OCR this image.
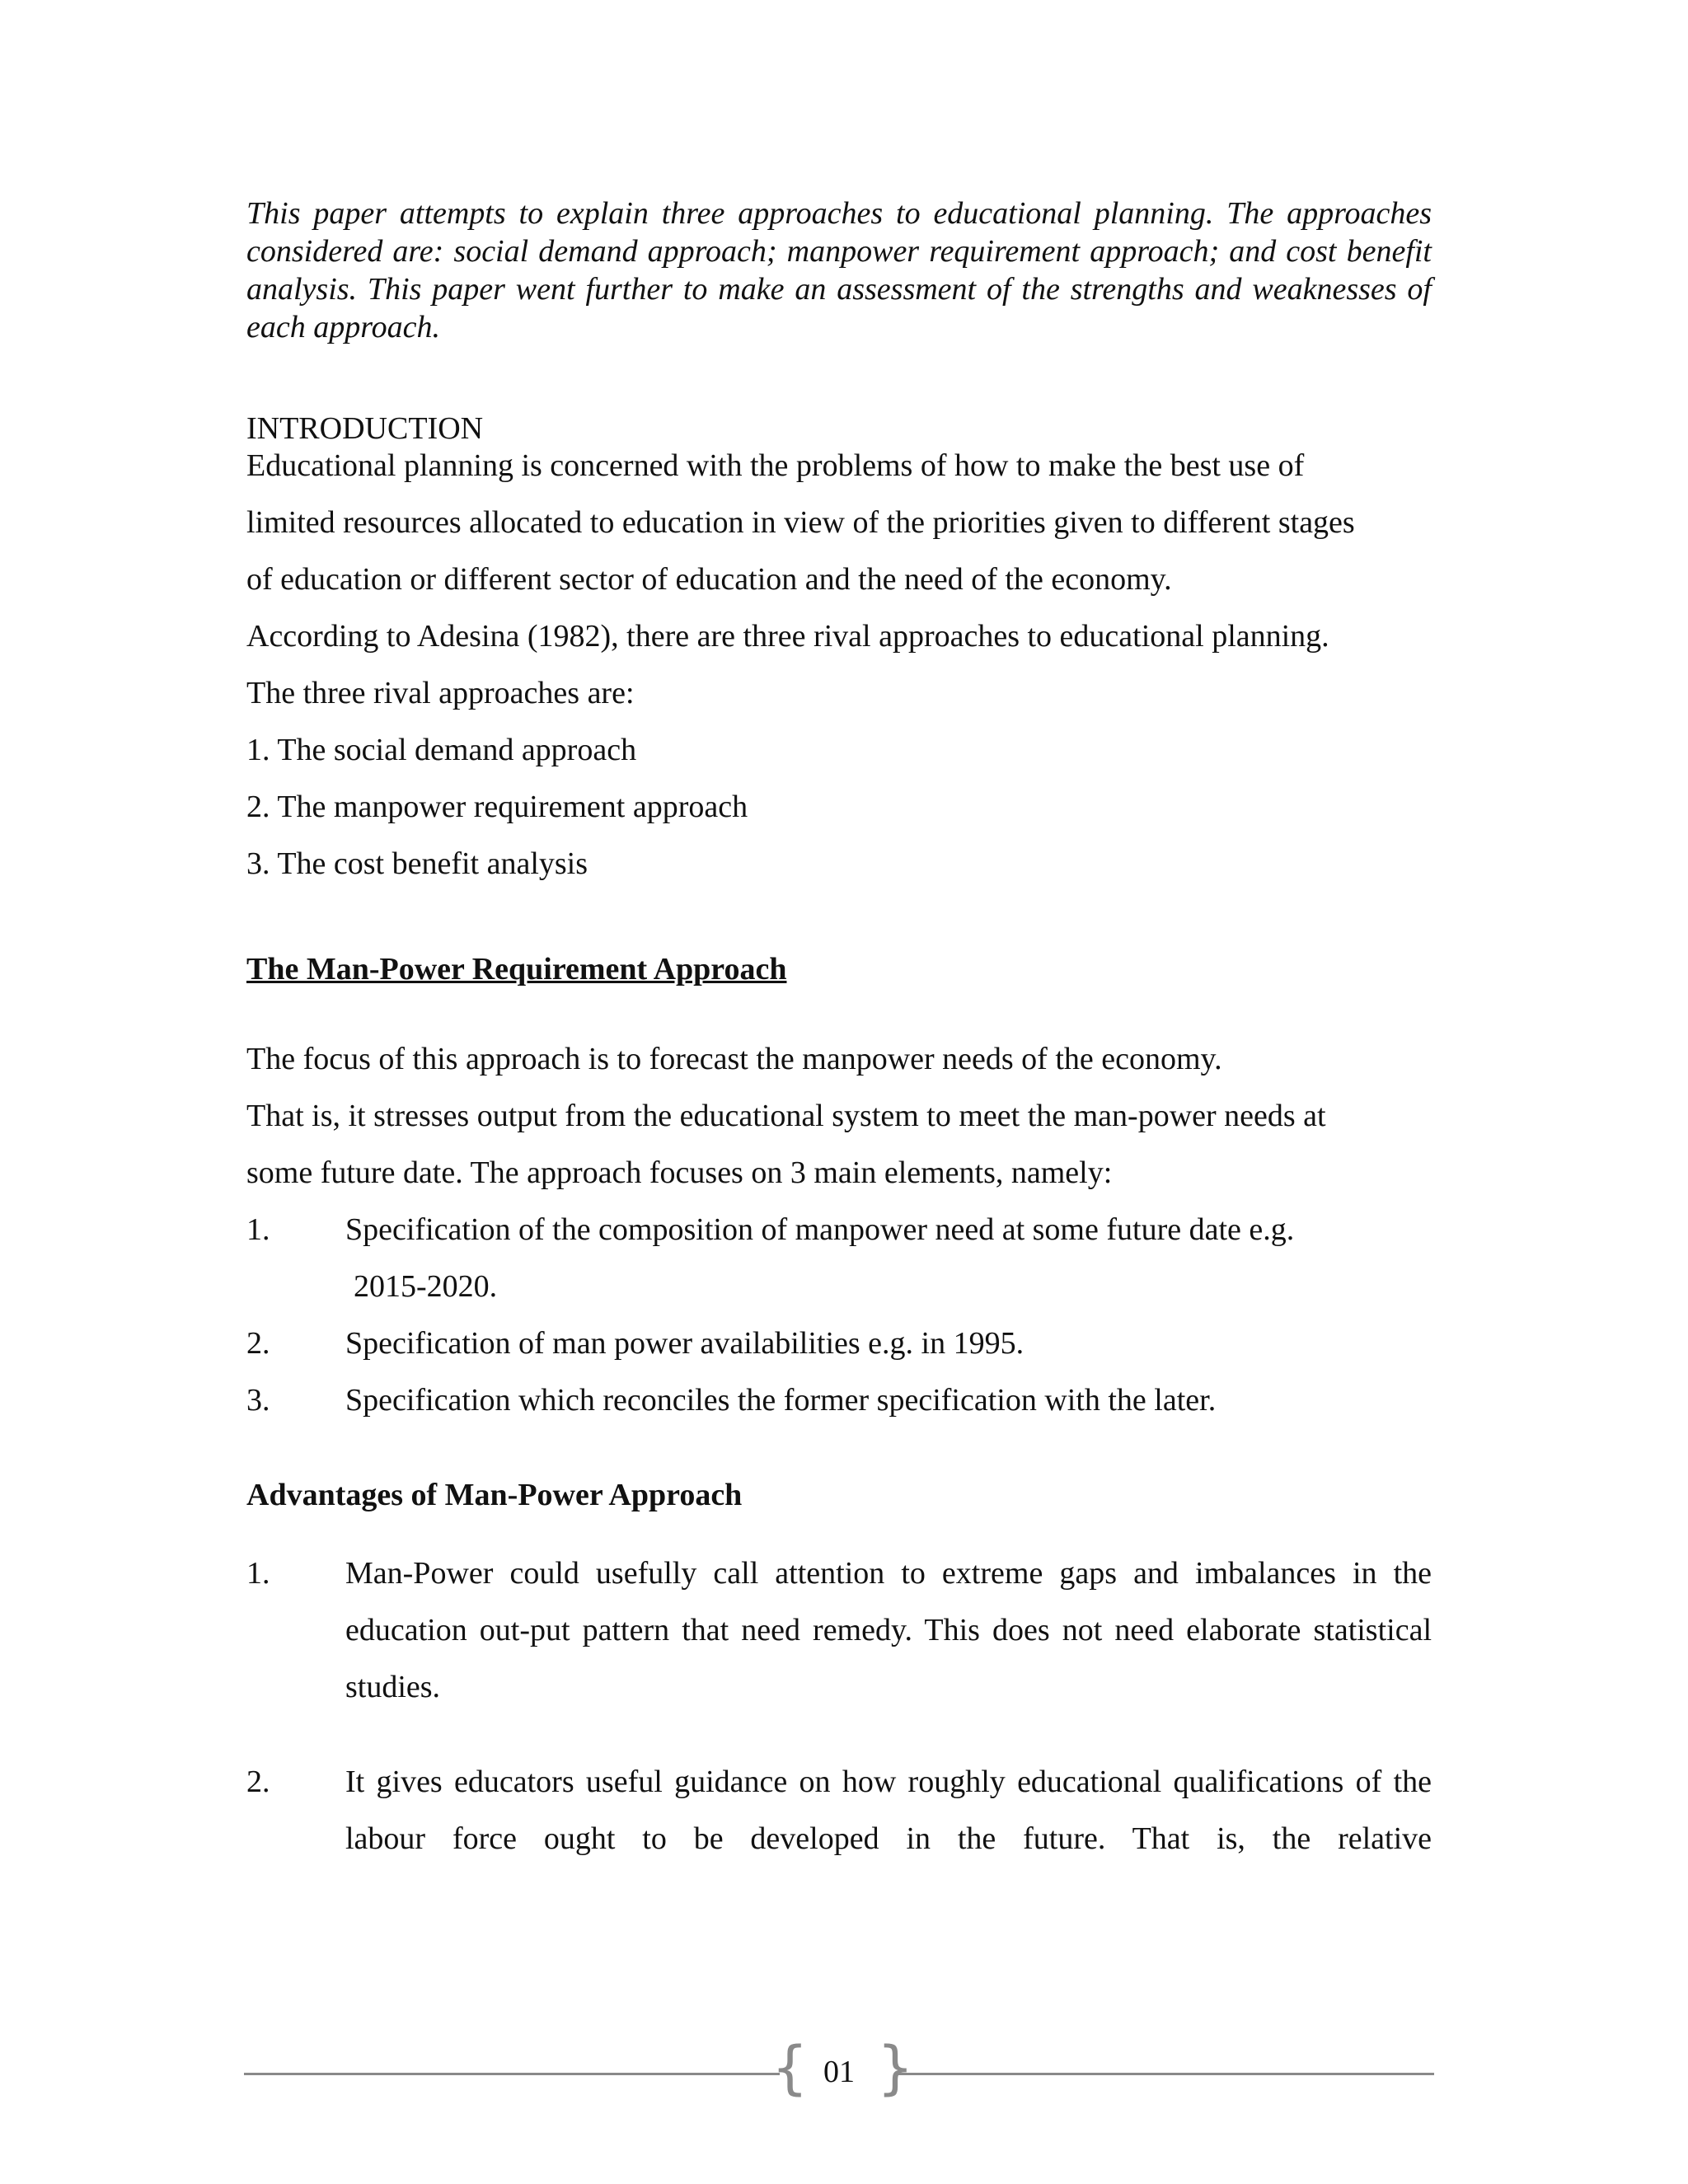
This paper attempts to explain three approaches to educational planning. The approaches considered are: social demand approach; manpower requirement approach; and cost benefit analysis. This paper went further to make an assessment of the strengths and weaknesses of each approach.

INTRODUCTION

Educational planning is concerned with the problems of how to make the best use of

limited resources allocated to education in view of the priorities given to different stages

of education or different sector of education and the need of the economy.

According to Adesina (1982), there are three rival approaches to educational planning.

The three rival approaches are:

1. The social demand approach

2. The manpower requirement approach

3. The cost benefit analysis

The Man-Power Requirement Approach

The focus of this approach is to forecast the manpower needs of the economy.

That is, it stresses output from the educational system to meet the man-power needs at

some future date. The approach focuses on 3 main elements, namely:

1.	Specification of the composition of manpower need at some future date e.g.
2015-2020.
2.	Specification of man power availabilities e.g. in 1995.
3.	Specification which reconciles the former specification with the later.

Advantages of Man-Power Approach

1.	Man-Power could usefully call attention to extreme gaps and imbalances in the education out-put pattern that need remedy. This does not need elaborate statistical studies.
2.	It gives educators useful guidance on how roughly educational qualifications of the labour force ought to be developed in the future. That is, the relative
{ 01 }
